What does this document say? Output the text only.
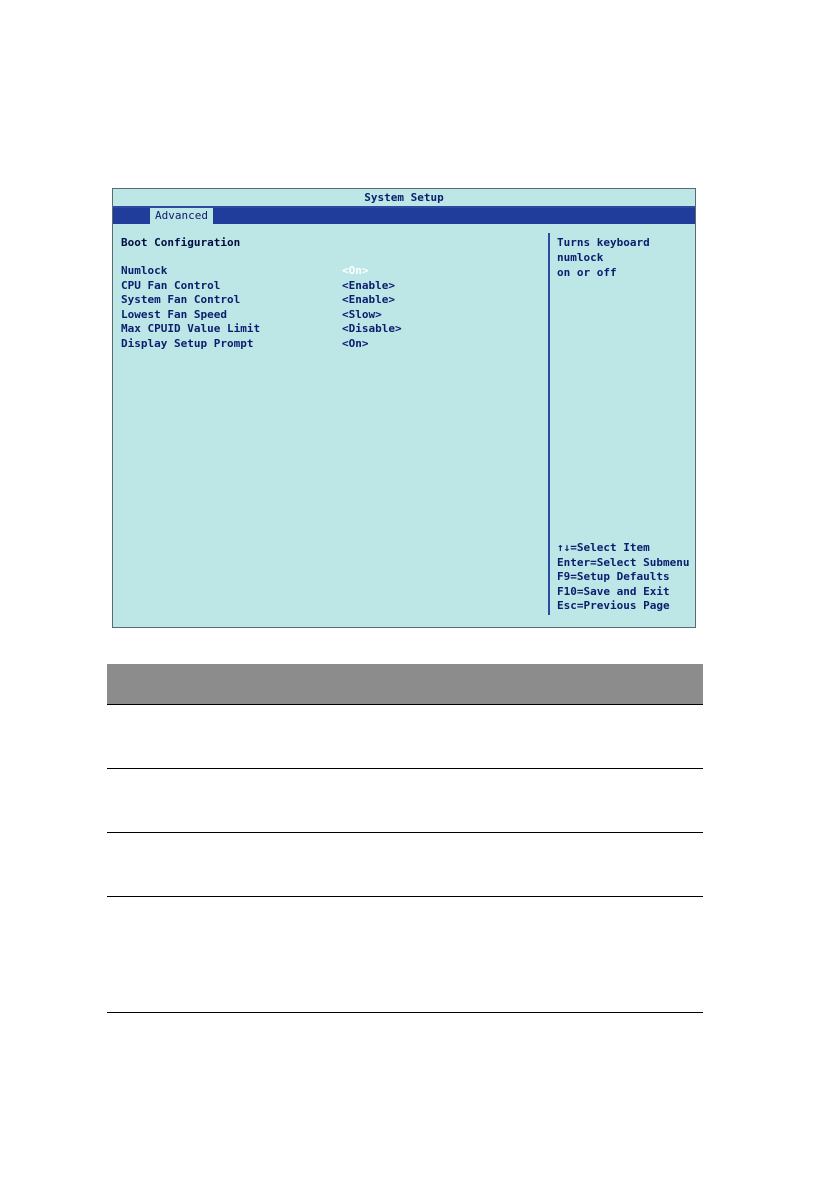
System Setup
Advanced
Boot Configuration
Numlock	<On>
CPU Fan Control	<Enable>
System Fan Control	<Enable>
Lowest Fan Speed	<Slow>
Max CPUID Value Limit	<Disable>
Display Setup Prompt	<On>
Turns keyboard numlock
on or off
↑↓=Select Item
Enter=Select Submenu
F9=Setup Defaults
F10=Save and Exit
Esc=Previous Page
